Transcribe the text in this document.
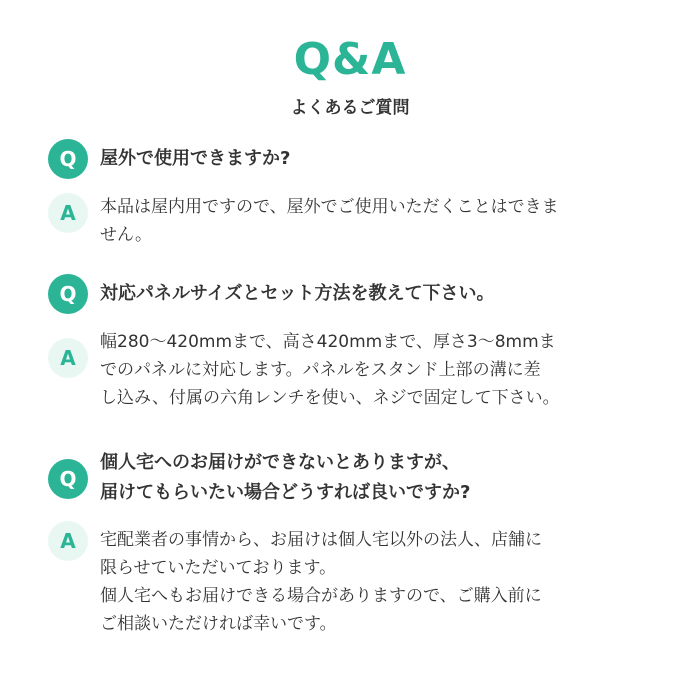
Q&A
よくあるご質問
Q	屋外で使用できますか?
A	本品は屋内用ですので、屋外でご使用いただくことはできま
せん。
Q	対応パネルサイズとセット方法を教えて下さい。
A
幅280〜420mmまで、高さ420mmまで、厚さ3〜8mmま
でのパネルに対応します。パネルをスタンド上部の溝に差
し込み、付属の六角レンチを使い、ネジで固定して下さい。
Q
個人宅へのお届けができないとありますが、
届けてもらいたい場合どうすれば良いですか?
A	宅配業者の事情から、お届けは個人宅以外の法人、店舗に
限らせていただいております。
個人宅へもお届けできる場合がありますので、ご購入前に
ご相談いただければ幸いです。
